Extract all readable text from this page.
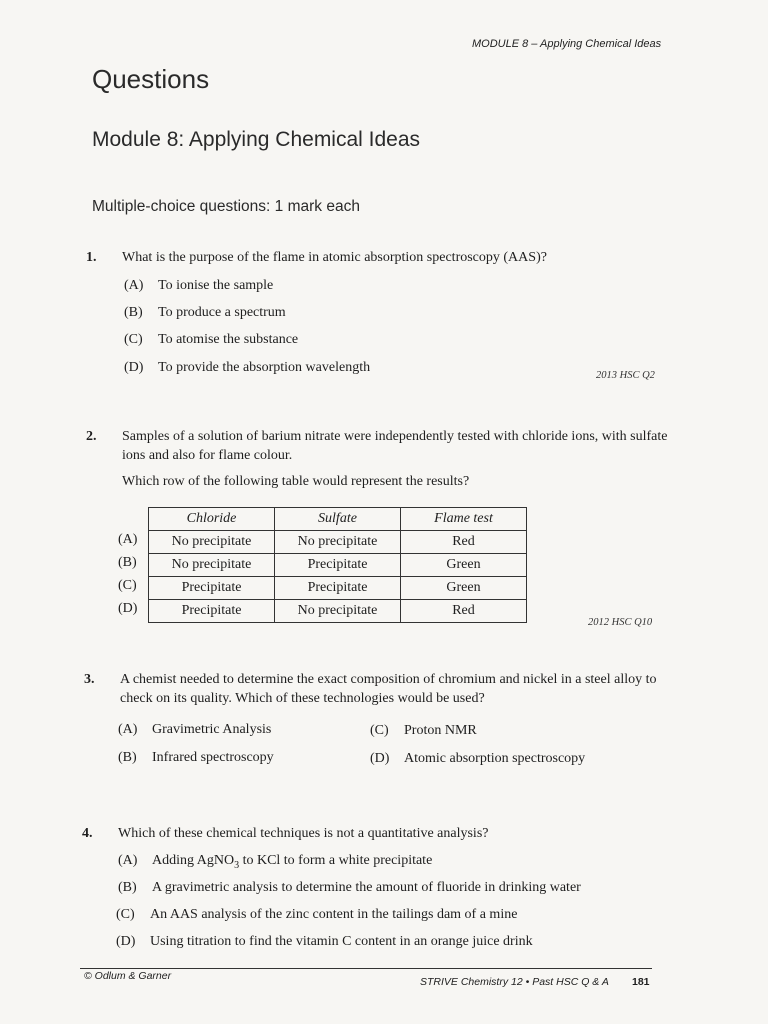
MODULE 8 – Applying Chemical Ideas
Questions
Module 8: Applying Chemical Ideas
Multiple-choice questions: 1 mark each
1. What is the purpose of the flame in atomic absorption spectroscopy (AAS)?
(A) To ionise the sample
(B) To produce a spectrum
(C) To atomise the substance
(D) To provide the absorption wavelength
2013 HSC Q2
2. Samples of a solution of barium nitrate were independently tested with chloride ions, with sulfate ions and also for flame colour.
Which row of the following table would represent the results?
Chloride	Sulfate	Flame test
No precipitate	No precipitate	Red
No precipitate	Precipitate	Green
Precipitate	Precipitate	Green
Precipitate	No precipitate	Red
(A)
(B)
(C)
(D)
2012 HSC Q10
3. A chemist needed to determine the exact composition of chromium and nickel in a steel alloy to check on its quality. Which of these technologies would be used?
(A) Gravimetric Analysis
(B) Infrared spectroscopy
(C) Proton NMR
(D) Atomic absorption spectroscopy
4. Which of these chemical techniques is not a quantitative analysis?
(A) Adding AgNO$_3$ to KCl to form a white precipitate
(B) A gravimetric analysis to determine the amount of fluoride in drinking water
(C) An AAS analysis of the zinc content in the tailings dam of a mine
(D) Using titration to find the vitamin C content in an orange juice drink
© Odlum & Garner	STRIVE Chemistry 12 • Past HSC Q & A 181
